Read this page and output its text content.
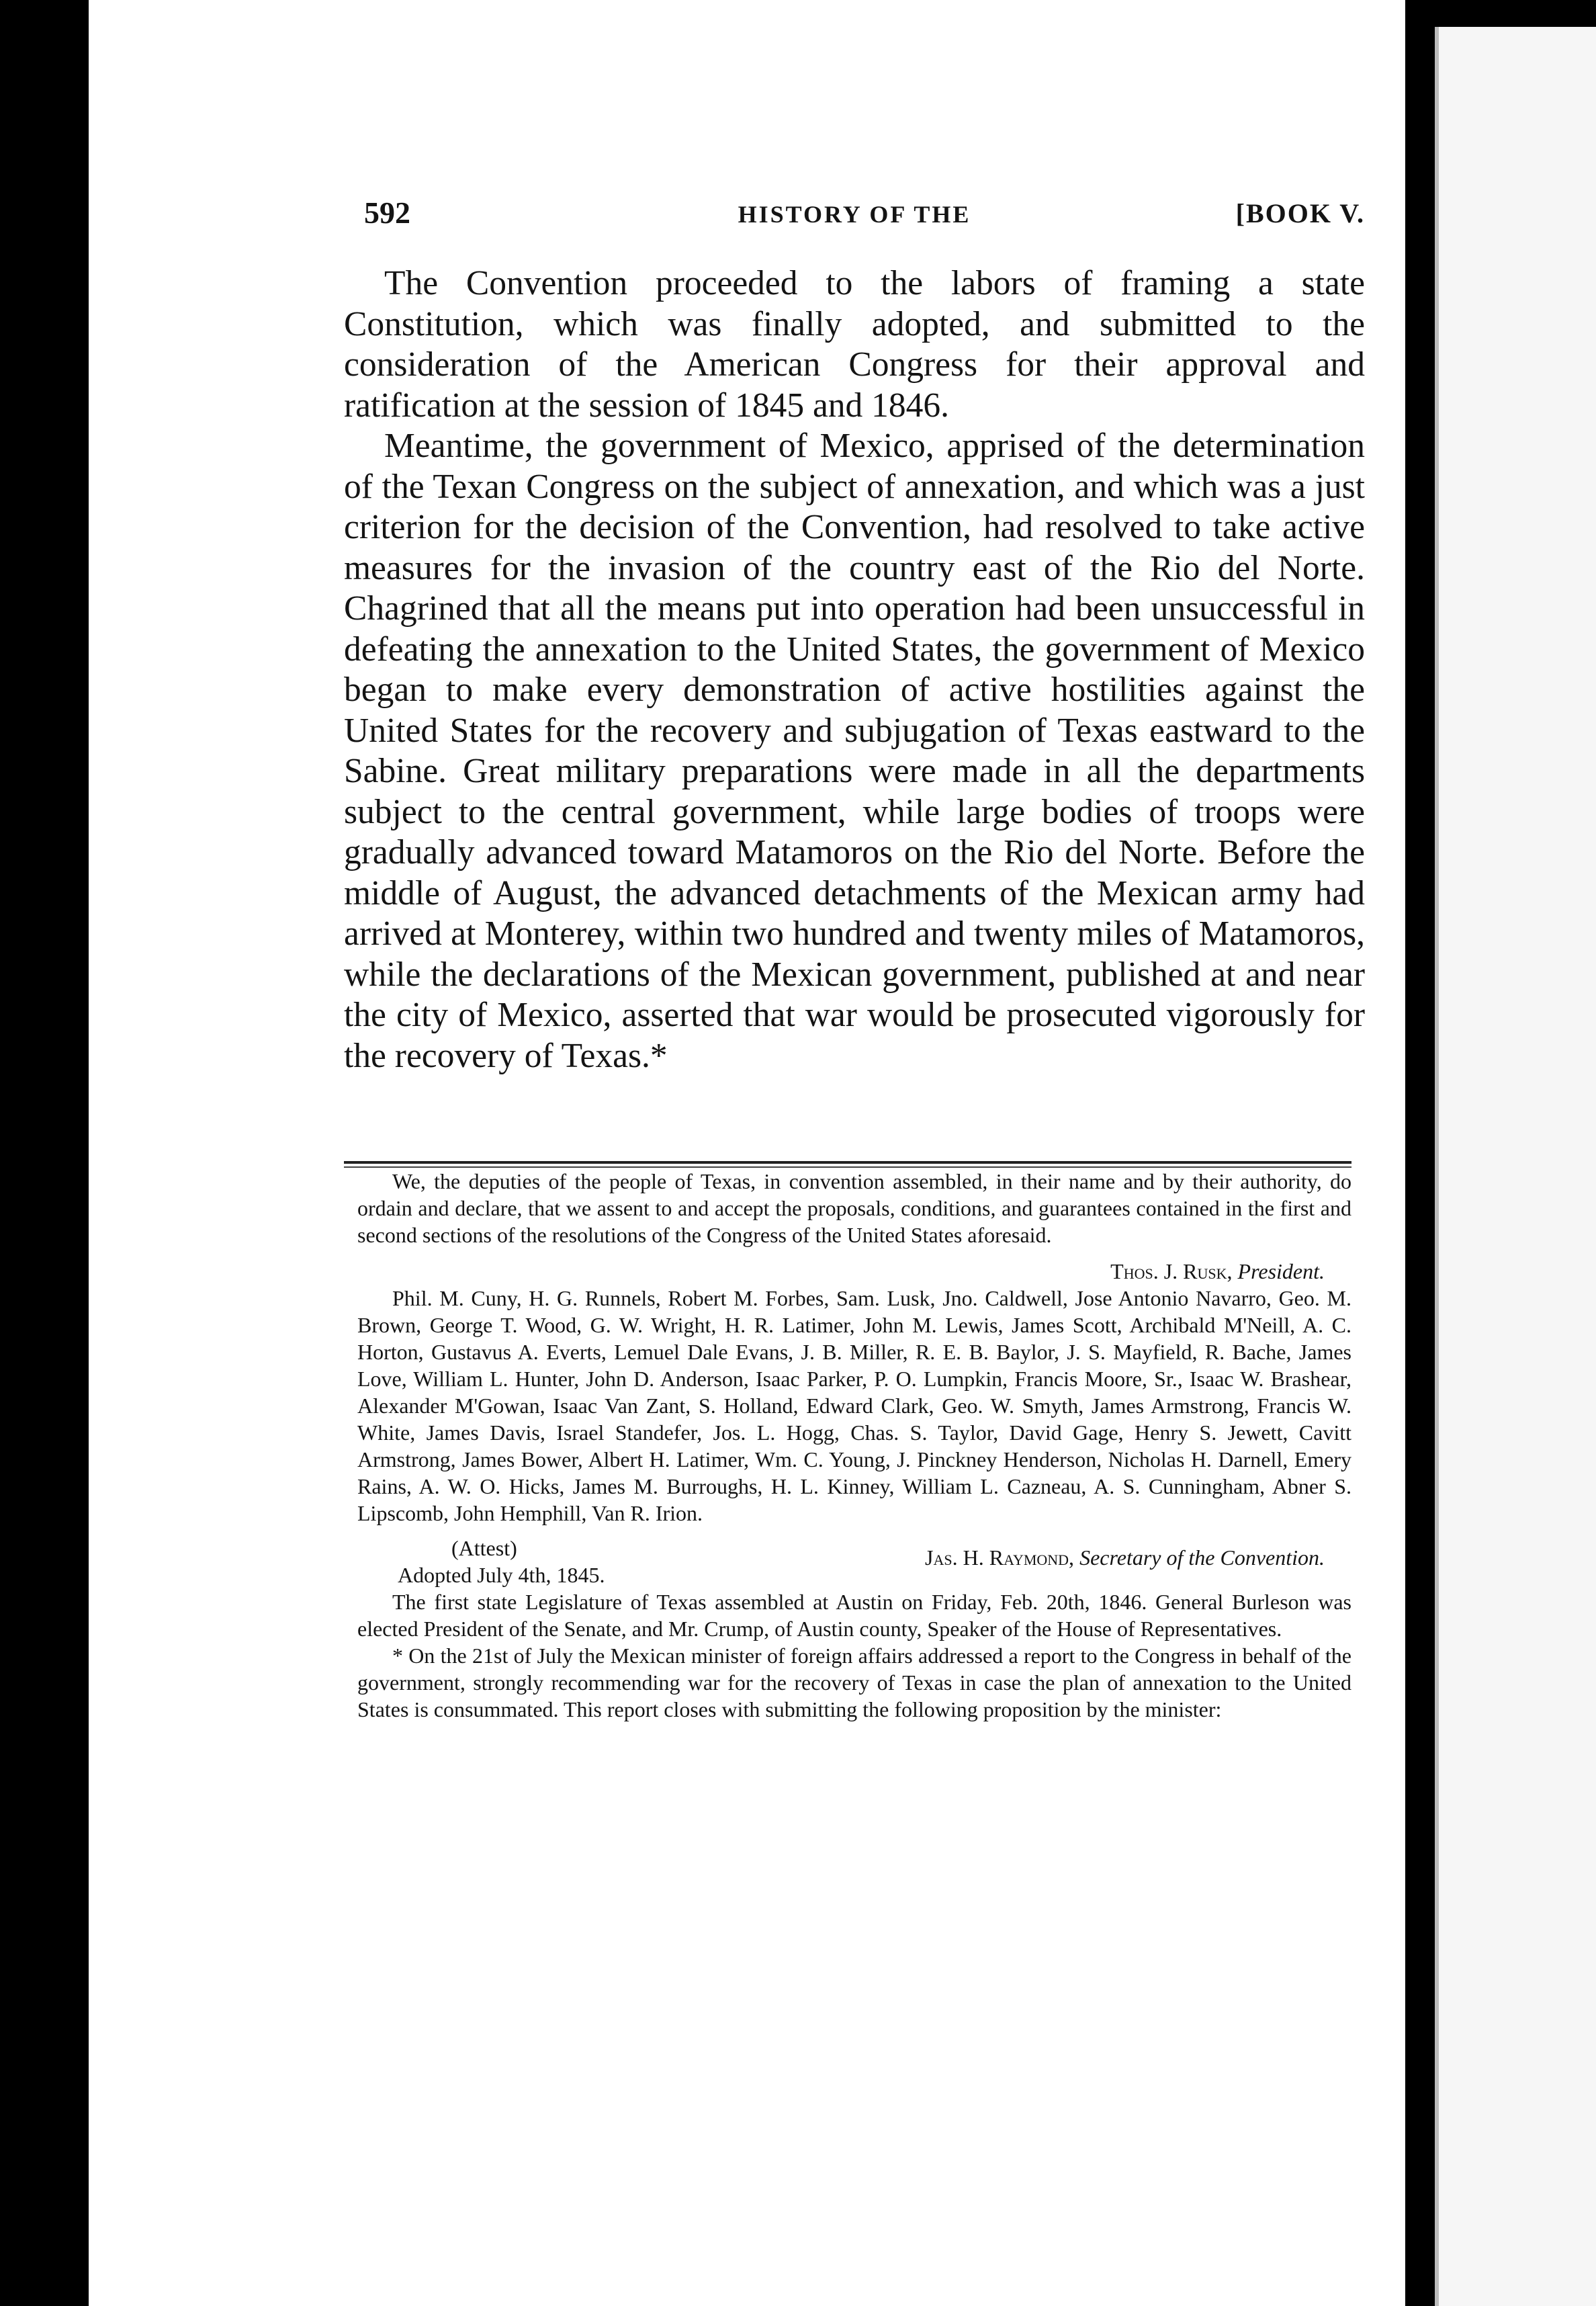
592	HISTORY OF THE	[BOOK V.

The Convention proceeded to the labors of framing a state Constitution, which was finally adopted, and submitted to the consideration of the American Congress for their approval and ratification at the session of 1845 and 1846.

Meantime, the government of Mexico, apprised of the determination of the Texan Congress on the subject of annexation, and which was a just criterion for the decision of the Convention, had resolved to take active measures for the invasion of the country east of the Rio del Norte. Chagrined that all the means put into operation had been unsuccessful in defeating the annexation to the United States, the government of Mexico began to make every demonstration of active hostilities against the United States for the recovery and subjugation of Texas eastward to the Sabine. Great military preparations were made in all the departments subject to the central government, while large bodies of troops were gradually advanced toward Matamoros on the Rio del Norte. Before the middle of August, the advanced detachments of the Mexican army had arrived at Monterey, within two hundred and twenty miles of Matamoros, while the declarations of the Mexican government, published at and near the city of Mexico, asserted that war would be prosecuted vigorously for the recovery of Texas.*

We, the deputies of the people of Texas, in convention assembled, in their name and by their authority, do ordain and declare, that we assent to and accept the proposals, conditions, and guarantees contained in the first and second sections of the resolutions of the Congress of the United States aforesaid.

Thos. J. Rusk, President.

Phil. M. Cuny, H. G. Runnels, Robert M. Forbes, Sam. Lusk, Jno. Caldwell, Jose Antonio Navarro, Geo. M. Brown, George T. Wood, G. W. Wright, H. R. Latimer, John M. Lewis, James Scott, Archibald M'Neill, A. C. Horton, Gustavus A. Everts, Lemuel Dale Evans, J. B. Miller, R. E. B. Baylor, J. S. Mayfield, R. Bache, James Love, William L. Hunter, John D. Anderson, Isaac Parker, P. O. Lumpkin, Francis Moore, Sr., Isaac W. Brashear, Alexander M'Gowan, Isaac Van Zant, S. Holland, Edward Clark, Geo. W. Smyth, James Armstrong, Francis W. White, James Davis, Israel Standefer, Jos. L. Hogg, Chas. S. Taylor, David Gage, Henry S. Jewett, Cavitt Armstrong, James Bower, Albert H. Latimer, Wm. C. Young, J. Pinckney Henderson, Nicholas H. Darnell, Emery Rains, A. W. O. Hicks, James M. Burroughs, H. L. Kinney, William L. Cazneau, A. S. Cunningham, Abner S. Lipscomb, John Hemphill, Van R. Irion.

(Attest)
Adopted July 4th, 1845.
Jas. H. Raymond, Secretary of the Convention.

The first state Legislature of Texas assembled at Austin on Friday, Feb. 20th, 1846. General Burleson was elected President of the Senate, and Mr. Crump, of Austin county, Speaker of the House of Representatives.

* On the 21st of July the Mexican minister of foreign affairs addressed a report to the Congress in behalf of the government, strongly recommending war for the recovery of Texas in case the plan of annexation to the United States is consummated. This report closes with submitting the following proposition by the minister:
